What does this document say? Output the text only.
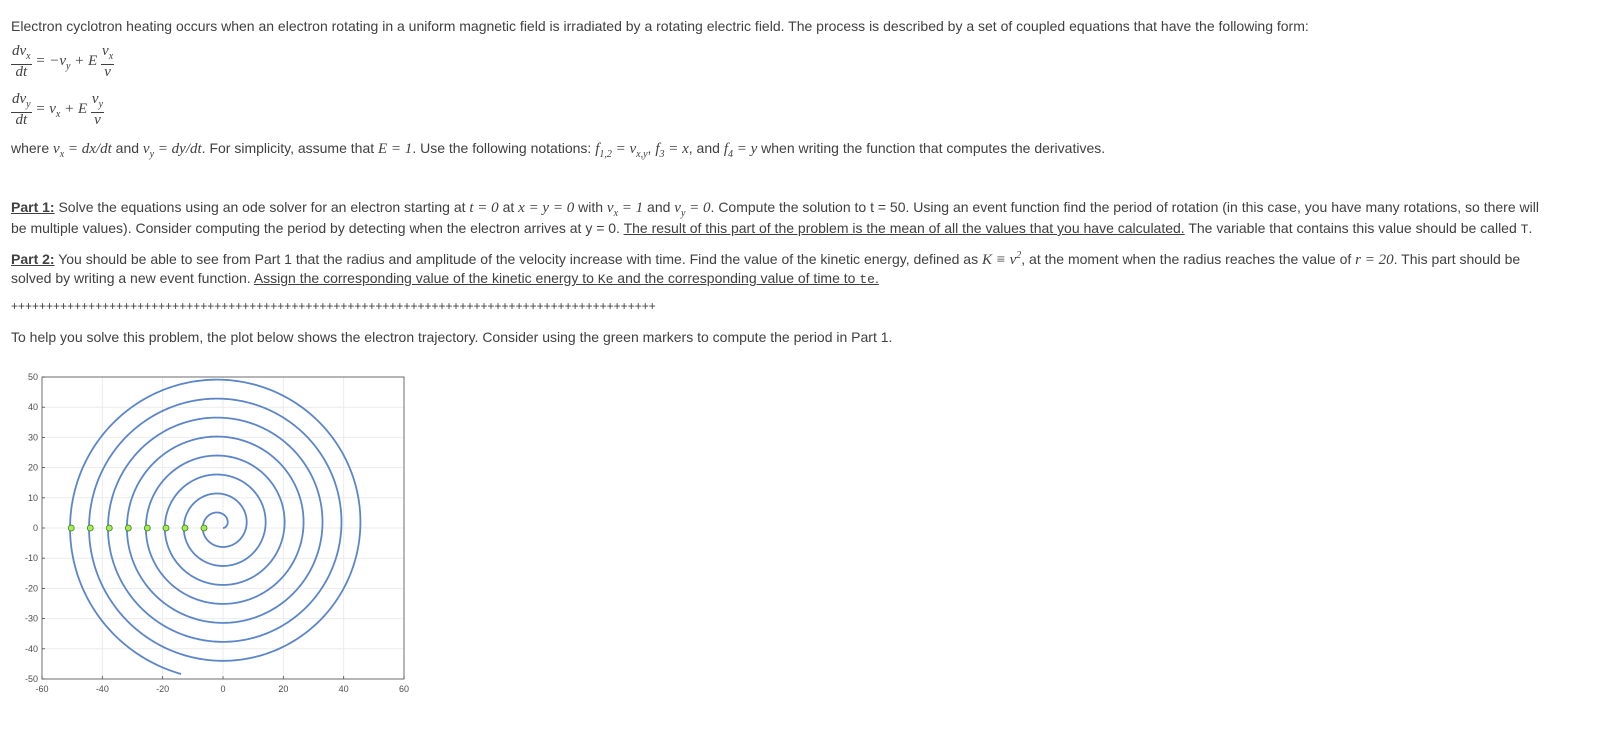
Electron cyclotron heating occurs when an electron rotating in a uniform magnetic field is irradiated by a rotating electric field. The process is described by a set of coupled equations that have the following form:

$\frac{dv_x}{dt} = -v_y + E \frac{v_x}{v}$
$\frac{dv_y}{dt} = v_x + E \frac{v_y}{v}$

where $v_x = dx/dt$ and $v_y = dy/dt$. For simplicity, assume that E = 1. Use the following notations: $f_{1,2} = v_{x,y}$, $f_3 = x$, and $f_4 = y$ when writing the function that computes the derivatives.

Part 1: Solve the equations using an ode solver for an electron starting at t = 0 at x = y = 0 with $v_x = 1$ and $v_y = 0$. Compute the solution to t = 50. Using an event function find the period of rotation (in this case, you have many rotations, so there will

be multiple values). Consider computing the period by detecting when the electron arrives at y = 0. The result of this part of the problem is the mean of all the values that you have calculated. The variable that contains this value should be called T.

Part 2: You should be able to see from Part 1 that the radius and amplitude of the velocity increase with time. Find the value of the kinetic energy, defined as $K \equiv v^2$, at the moment when the radius reaches the value of r = 20. This part should be

solved by writing a new event function. Assign the corresponding value of the kinetic energy to Ke and the corresponding value of time to te.

++++++++++++++++++++++++++++++++++++++++++++++++++++++++++++++++++++++++++++++++++++++++++++

To help you solve this problem, the plot below shows the electron trajectory. Consider using the green markers to compute the period in Part 1.

-60	-40	-20	0	20	40	60
50
40
30
20
10
0
-10
-20
-30
-40
-50
